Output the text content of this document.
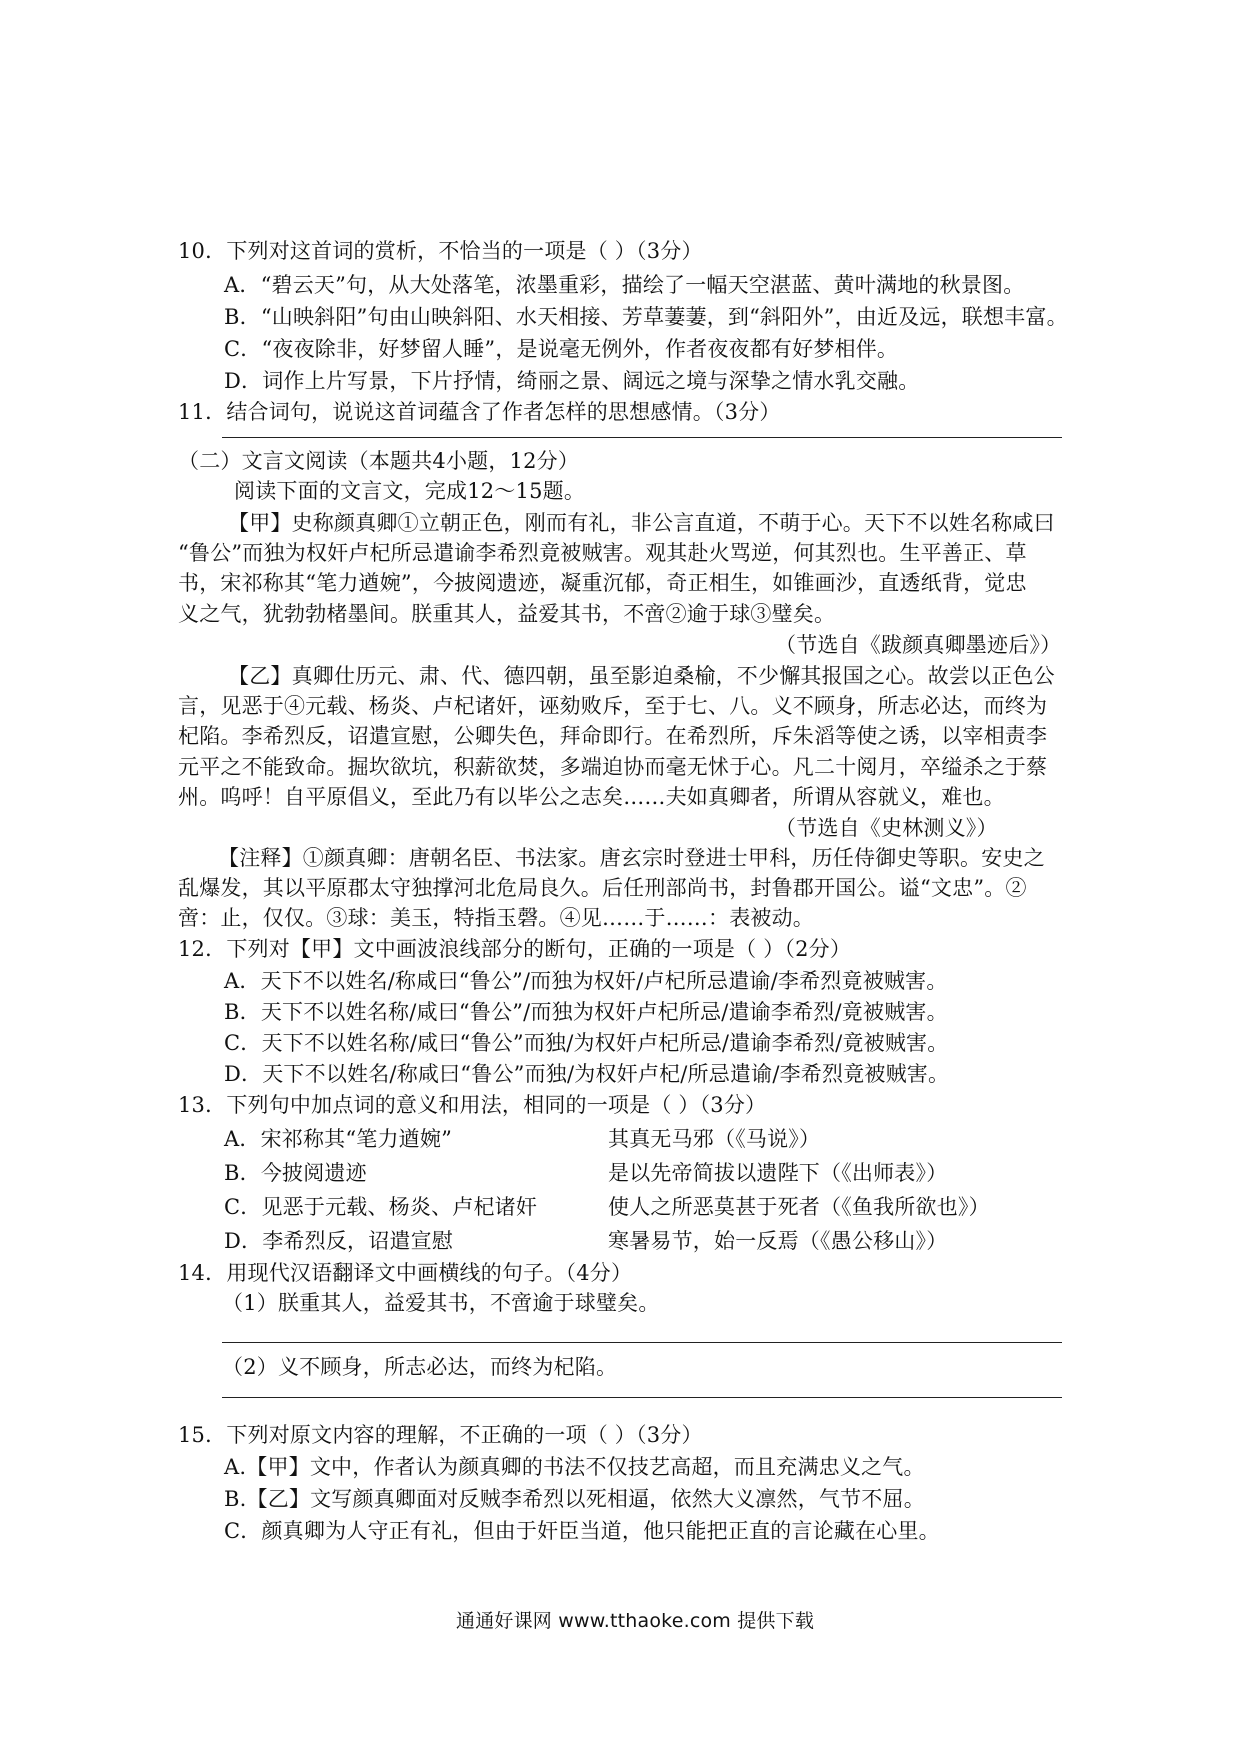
10．下列对这首词的赏析，不恰当的一项是（ ）（3分）
A．“碧云天”句，从大处落笔，浓墨重彩，描绘了一幅天空湛蓝、黄叶满地的秋景图。
B．“山映斜阳”句由山映斜阳、水天相接、芳草萋萋，到“斜阳外”，由近及远，联想丰富。
C．“夜夜除非，好梦留人睡”，是说毫无例外，作者夜夜都有好梦相伴。
D．词作上片写景，下片抒情，绮丽之景、阔远之境与深挚之情水乳交融。
11．结合词句，说说这首词蕴含了作者怎样的思想感情。（3分）
（二）文言文阅读（本题共4小题，12分）
阅读下面的文言文，完成12～15题。
【甲】史称颜真卿①立朝正色，刚而有礼，非公言直道，不萌于心。天下不以姓名称咸曰
“鲁公”而独为权奸卢杞所忌遣谕李希烈竟被贼害。观其赴火骂逆，何其烈也。生平善正、草
书，宋祁称其“笔力遒婉”，今披阅遗迹，凝重沉郁，奇正相生，如锥画沙，直透纸背，觉忠
义之气，犹勃勃楮墨间。朕重其人，益爱其书，不啻②逾于球③璧矣。
（节选自《跋颜真卿墨迹后》）
【乙】真卿仕历元、肃、代、德四朝，虽至影迫桑榆，不少懈其报国之心。故尝以正色公
言，见恶于④元载、杨炎、卢杞诸奸，诬劾败斥，至于七、八。义不顾身，所志必达，而终为
杞陷。李希烈反，诏遣宣慰，公卿失色，拜命即行。在希烈所，斥朱滔等使之诱，以宰相责李
元平之不能致命。掘坎欲坑，积薪欲焚，多端迫协而毫无怵于心。凡二十阅月，卒缢杀之于蔡
州。呜呼！自平原倡义，至此乃有以毕公之志矣……夫如真卿者，所谓从容就义，难也。
（节选自《史林测义》）
【注释】①颜真卿：唐朝名臣、书法家。唐玄宗时登进士甲科，历任侍御史等职。安史之
乱爆发，其以平原郡太守独撑河北危局良久。后任刑部尚书，封鲁郡开国公。谥“文忠”。②
啻：止，仅仅。③球：美玉，特指玉磬。④见……于……：表被动。
12．下列对【甲】文中画波浪线部分的断句，正确的一项是（ ）（2分）
A．天下不以姓名/称咸曰“鲁公”/而独为权奸/卢杞所忌遣谕/李希烈竟被贼害。
B．天下不以姓名称/咸曰“鲁公”/而独为权奸卢杞所忌/遣谕李希烈/竟被贼害。
C．天下不以姓名称/咸曰“鲁公”而独/为权奸卢杞所忌/遣谕李希烈/竟被贼害。
D．天下不以姓名/称咸曰“鲁公”而独/为权奸卢杞/所忌遣谕/李希烈竟被贼害。
13．下列句中加点词的意义和用法，相同的一项是（ ）（3分）
A．宋祁称其“笔力遒婉”	其真无马邪（《马说》）
B．今披阅遗迹	是以先帝简拔以遗陛下（《出师表》）
C．见恶于元载、杨炎、卢杞诸奸	使人之所恶莫甚于死者（《鱼我所欲也》）
D．李希烈反，诏遣宣慰	寒暑易节，始一反焉（《愚公移山》）
14．用现代汉语翻译文中画横线的句子。（4分）
（1）朕重其人，益爱其书，不啻逾于球璧矣。
（2）义不顾身，所志必达，而终为杞陷。
15．下列对原文内容的理解，不正确的一项（ ）（3分）
A.【甲】文中，作者认为颜真卿的书法不仅技艺高超，而且充满忠义之气。
B.【乙】文写颜真卿面对反贼李希烈以死相逼，依然大义凛然，气节不屈。
C．颜真卿为人守正有礼，但由于奸臣当道，他只能把正直的言论藏在心里。
通通好课网 www.tthaoke.com 提供下载
